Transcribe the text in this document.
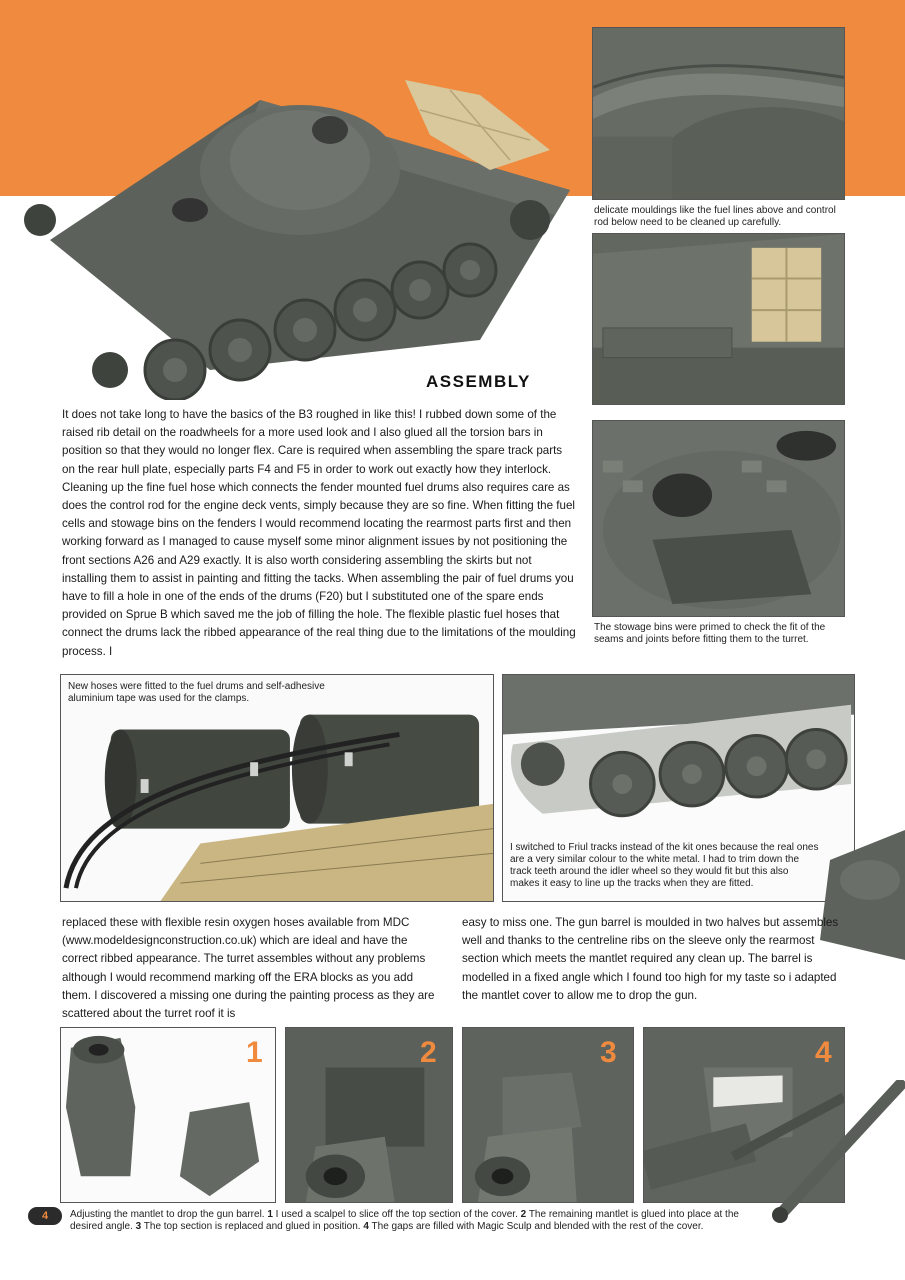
delicate mouldings like the fuel lines above and control rod below need to be cleaned up carefully.
The stowage bins were primed to check the fit of the seams and joints before fitting them to the turret.
ASSEMBLY

It does not take long to have the basics of the B3 roughed in like this! I rubbed down some of the raised rib detail on the roadwheels for a more used look and I also glued all the torsion bars in position so that they would no longer flex. Care is required when assembling the spare track parts on the rear hull plate, especially parts F4 and F5 in order to work out exactly how they interlock. Cleaning up the fine fuel hose which connects the fender mounted fuel drums also requires care as does the control rod for the engine deck vents, simply because they are so fine. When fitting the fuel cells and stowage bins on the fenders I would recommend locating the rearmost parts first and then working forward as I managed to cause myself some minor alignment issues by not positioning the front sections A26 and A29 exactly. It is also worth considering assembling the skirts but not installing them to assist in painting and fitting the tacks. When assembling the pair of fuel drums you have to fill a hole in one of the ends of the drums (F20) but I substituted one of the spare ends provided on Sprue B which saved me the job of filling the hole. The flexible plastic fuel hoses that connect the drums lack the ribbed appearance of the real thing due to the limitations of the moulding process. I

New hoses were fitted to the fuel drums and self-adhesive aluminium tape was used for the clamps.
I switched to Friul tracks instead of the kit ones because the real ones are a very similar colour to the white metal. I had to trim down the track teeth around the idler wheel so they would fit but this also makes it easy to line up the tracks when they are fitted.

replaced these with flexible resin oxygen hoses available from MDC (www.modeldesignconstruction.co.uk) which are ideal and have the correct ribbed appearance. The turret assembles without any problems although I would recommend marking off the ERA blocks as you add them. I discovered a missing one during the painting process as they are scattered about the turret roof it is

easy to miss one. The gun barrel is moulded in two halves but assembles well and thanks to the centreline ribs on the sleeve only the rearmost section which meets the mantlet required any clean up. The barrel is modelled in a fixed angle which I found too high for my taste so i adapted the mantlet cover to allow me to drop the gun.

1	2	3	4
4	Adjusting the mantlet to drop the gun barrel. 1 I used a scalpel to slice off the top section of the cover. 2 The remaining mantlet is glued into place at the desired angle. 3 The top section is replaced and glued in position. 4 The gaps are filled with Magic Sculp and blended with the rest of the cover.
